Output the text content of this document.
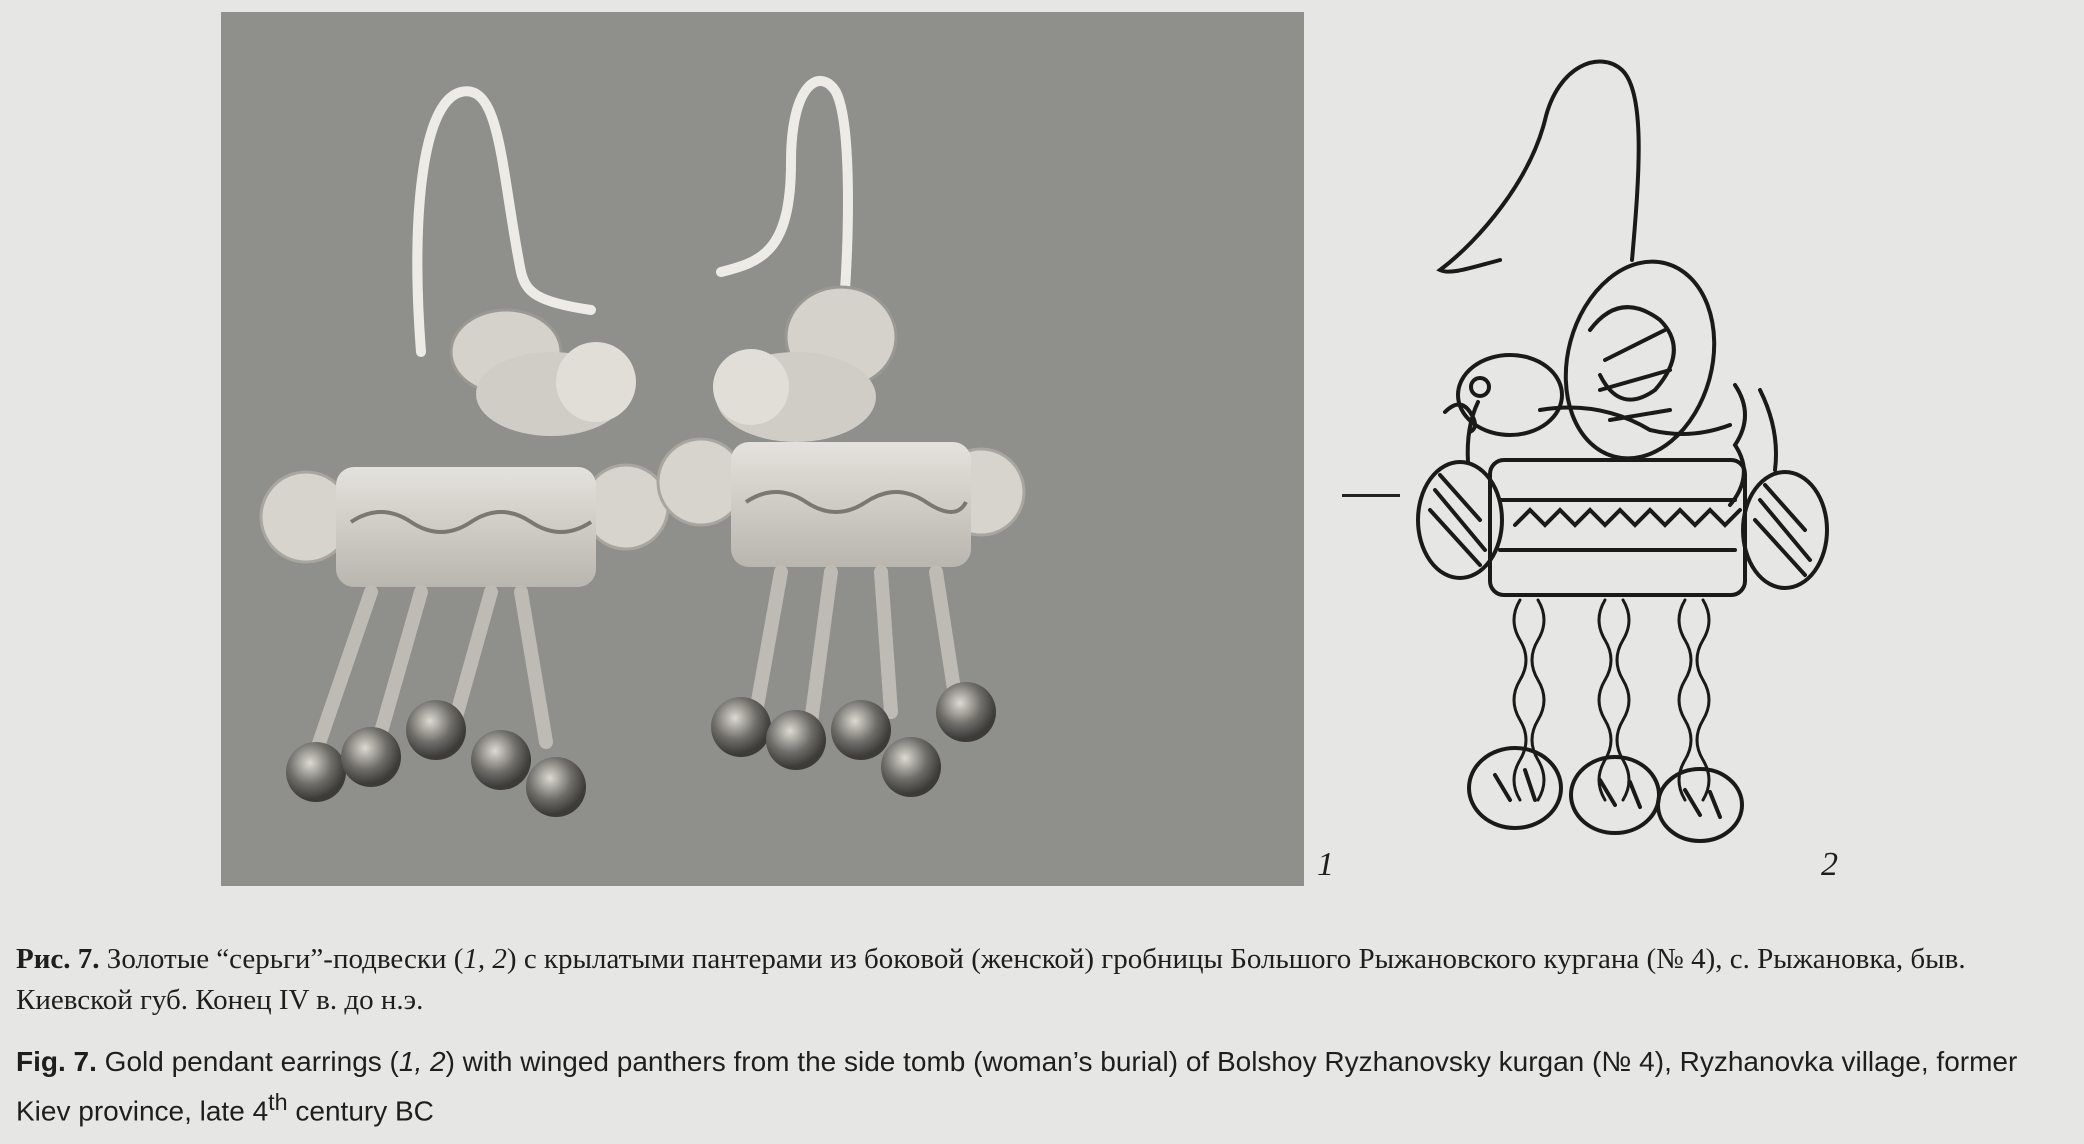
1	2
Рис. 7. Золотые “серьги”-подвески (1, 2) с крылатыми пантерами из боковой (женской) гробницы Большого Рыжановского кургана (№ 4), с. Рыжановка, быв. Киевской губ. Конец IV в. до н.э.
Fig. 7. Gold pendant earrings (1, 2) with winged panthers from the side tomb (woman’s burial) of Bolshoy Ryzhanovsky kurgan (№ 4), Ryzhanovka village, former Kiev province, late 4th century BC
